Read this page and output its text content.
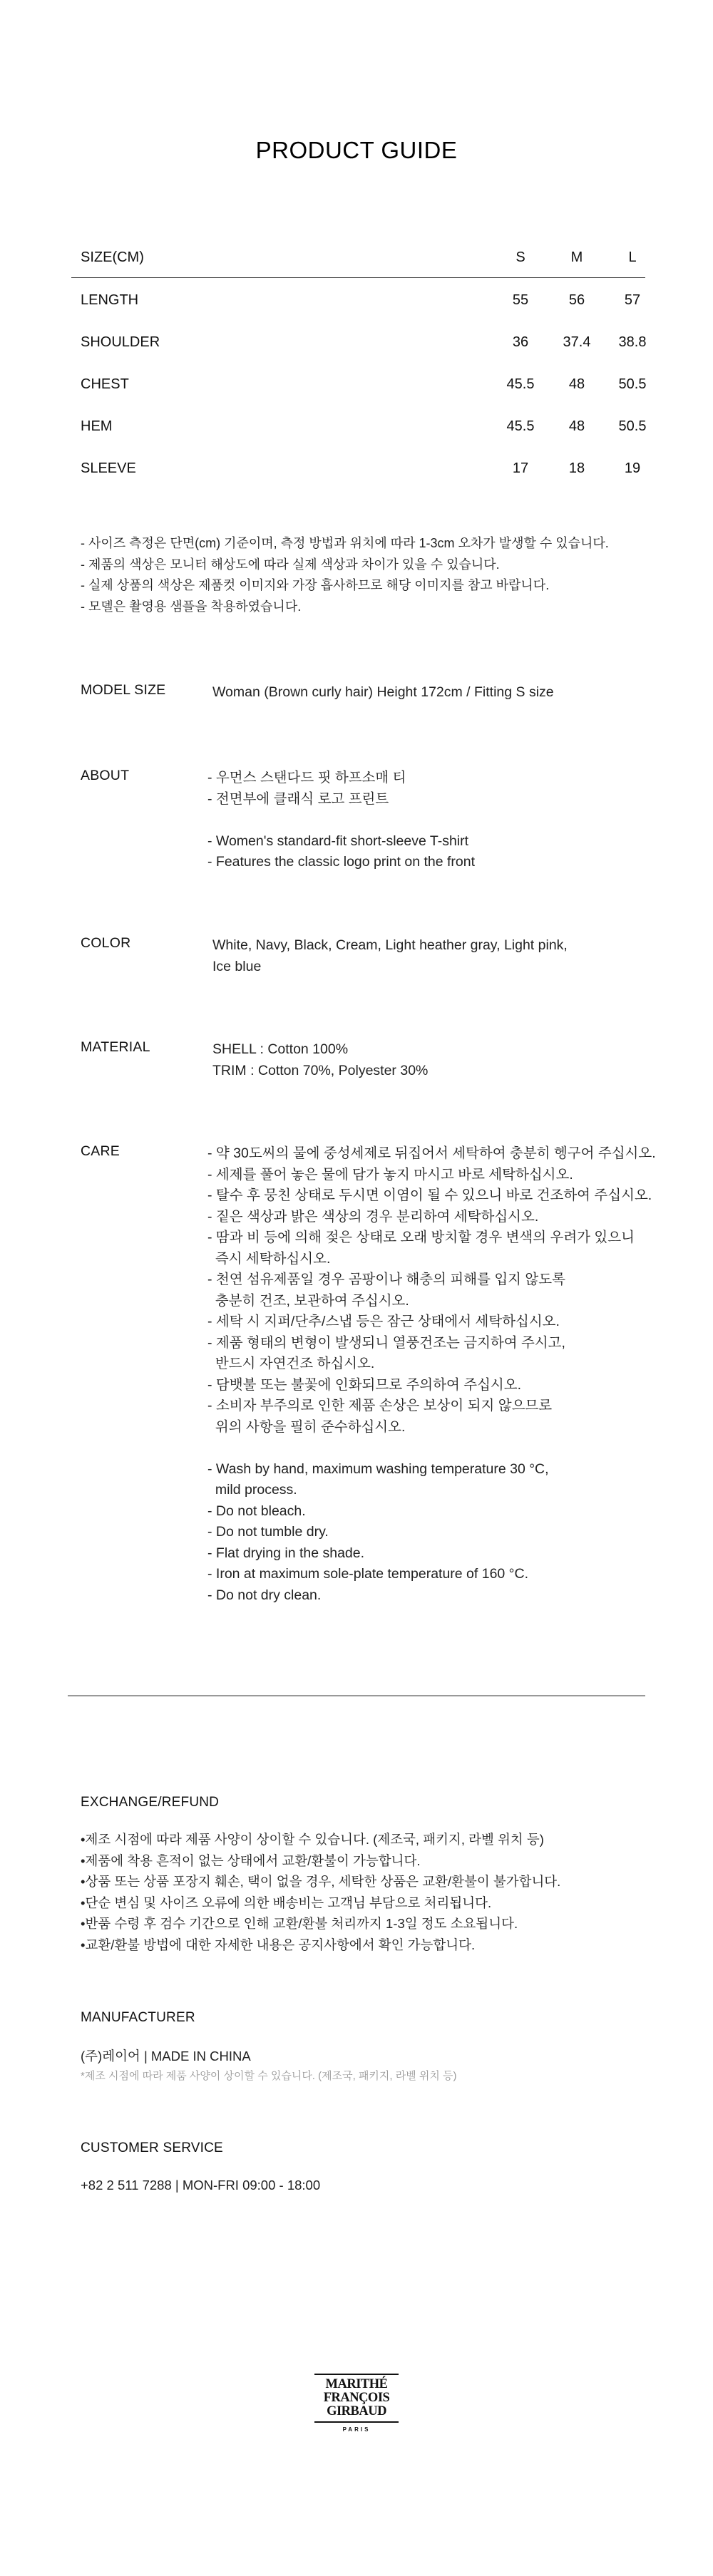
PRODUCT GUIDE
SIZE(CM)	S	M	L
LENGTH	55	56	57
SHOULDER	36	37.4	38.8
CHEST	45.5	48	50.5
HEM	45.5	48	50.5
SLEEVE	17	18	19
- 사이즈 측정은 단면(cm) 기준이며, 측정 방법과 위치에 따라 1-3cm 오차가 발생할 수 있습니다.
- 제품의 색상은 모니터 해상도에 따라 실제 색상과 차이가 있을 수 있습니다.
- 실제 상품의 색상은 제품컷 이미지와 가장 흡사하므로 해당 이미지를 참고 바랍니다.
- 모델은 촬영용 샘플을 착용하였습니다.
MODEL SIZE	Woman (Brown curly hair) Height 172cm / Fitting S size
ABOUT	- 우먼스 스탠다드 핏 하프소매 티
- 전면부에 클래식 로고 프린트
- Women's standard-fit short-sleeve T-shirt
- Features the classic logo print on the front
COLOR	White, Navy, Black, Cream, Light heather gray, Light pink,
Ice blue
MATERIAL	SHELL : Cotton 100%
TRIM : Cotton 70%, Polyester 30%
CARE	- 약 30도씨의 물에 중성세제로 뒤집어서 세탁하여 충분히 헹구어 주십시오.
- 세제를 풀어 놓은 물에 담가 놓지 마시고 바로 세탁하십시오.
- 탈수 후 뭉친 상태로 두시면 이염이 될 수 있으니 바로 건조하여 주십시오.
- 짙은 색상과 밝은 색상의 경우 분리하여 세탁하십시오.
- 땀과 비 등에 의해 젖은 상태로 오래 방치할 경우 변색의 우려가 있으니
즉시 세탁하십시오.
- 천연 섬유제품일 경우 곰팡이나 해충의 피해를 입지 않도록
충분히 건조, 보관하여 주십시오.
- 세탁 시 지퍼/단추/스냅 등은 잠근 상태에서 세탁하십시오.
- 제품 형태의 변형이 발생되니 열풍건조는 금지하여 주시고,
반드시 자연건조 하십시오.
- 담뱃불 또는 불꽃에 인화되므로 주의하여 주십시오.
- 소비자 부주의로 인한 제품 손상은 보상이 되지 않으므로
위의 사항을 필히 준수하십시오.
- Wash by hand, maximum washing temperature 30 °C,
mild process.
- Do not bleach.
- Do not tumble dry.
- Flat drying in the shade.
- Iron at maximum sole-plate temperature of 160 °C.
- Do not dry clean.
EXCHANGE/REFUND
•제조 시점에 따라 제품 사양이 상이할 수 있습니다. (제조국, 패키지, 라벨 위치 등)
•제품에 착용 흔적이 없는 상태에서 교환/환불이 가능합니다.
•상품 또는 상품 포장지 훼손, 택이 없을 경우, 세탁한 상품은 교환/환불이 불가합니다.
•단순 변심 및 사이즈 오류에 의한 배송비는 고객님 부담으로 처리됩니다.
•반품 수령 후 검수 기간으로 인해 교환/환불 처리까지 1-3일 정도 소요됩니다.
•교환/환불 방법에 대한 자세한 내용은 공지사항에서 확인 가능합니다.
MANUFACTURER
(주)레이어 | MADE IN CHINA
*제조 시점에 따라 제품 사양이 상이할 수 있습니다. (제조국, 패키지, 라벨 위치 등)
CUSTOMER SERVICE
+82 2 511 7288 | MON-FRI 09:00 - 18:00
MARITHÉ
FRANÇOIS
GIRBAUD
PARIS
